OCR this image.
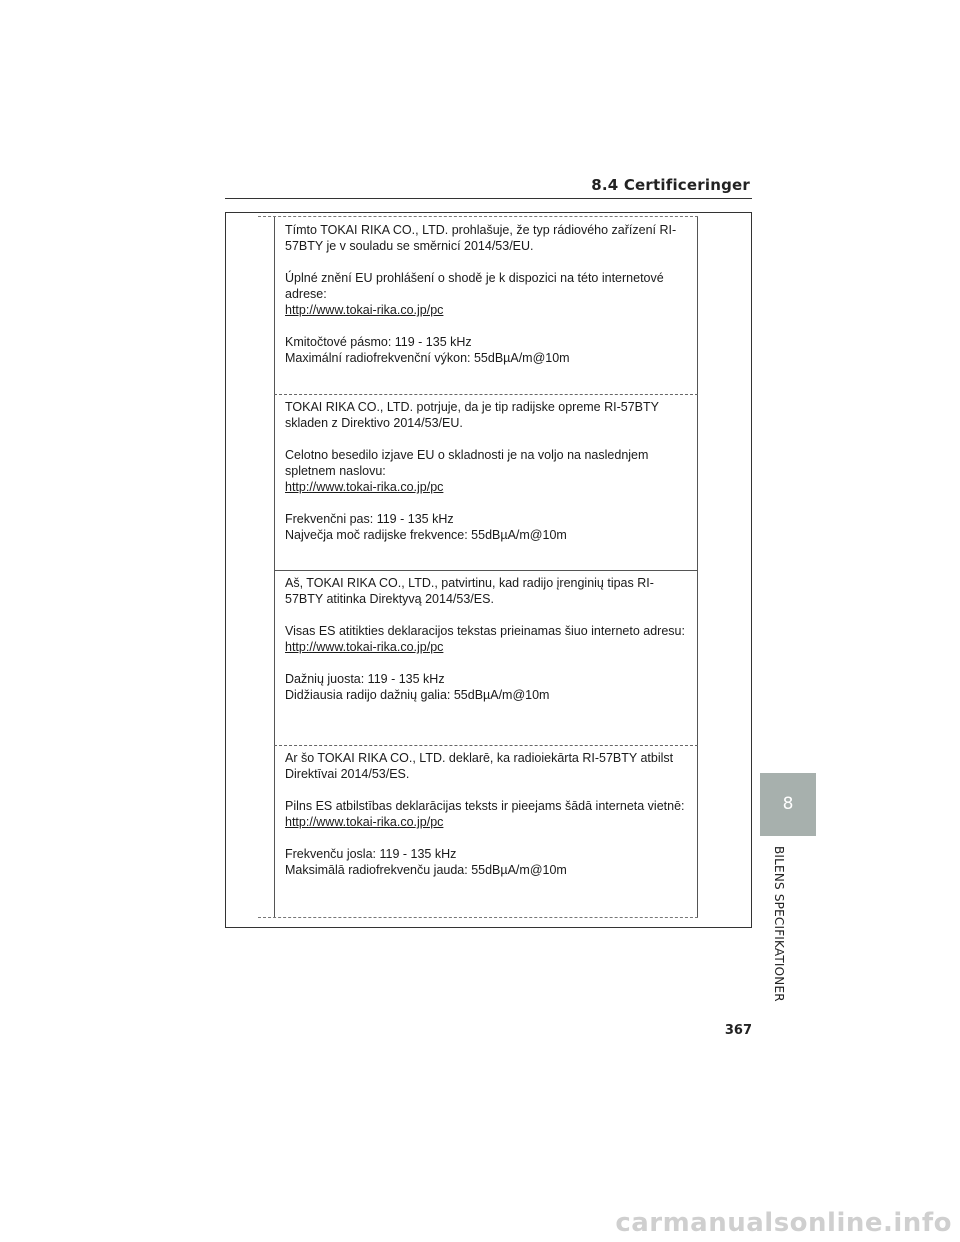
8.4 Certificeringer

Tímto TOKAI RIKA CO., LTD. prohlašuje, že typ rádiového zařízení RI-57BTY je v souladu se směrnicí 2014/53/EU.

Úplné znění EU prohlášení o shodě je k dispozici na této internetové adrese:
http://www.tokai-rika.co.jp/pc

Kmitočtové pásmo: 119 - 135 kHz
Maximální radiofrekvenční výkon: 55dBµA/m@10m

TOKAI RIKA CO., LTD. potrjuje, da je tip radijske opreme RI-57BTY skladen z Direktivo 2014/53/EU.

Celotno besedilo izjave EU o skladnosti je na voljo na naslednjem spletnem naslovu:
http://www.tokai-rika.co.jp/pc

Frekvenčni pas: 119 - 135 kHz
Največja moč radijske frekvence: 55dBµA/m@10m

Aš, TOKAI RIKA CO., LTD., patvirtinu, kad radijo įrenginių tipas RI-57BTY atitinka Direktyvą 2014/53/ES.

Visas ES atitikties deklaracijos tekstas prieinamas šiuo interneto adresu:
http://www.tokai-rika.co.jp/pc

Dažnių juosta: 119 - 135 kHz
Didžiausia radijo dažnių galia: 55dBµA/m@10m

Ar šo TOKAI RIKA CO., LTD. deklarē, ka radioiekārta RI-57BTY atbilst Direktīvai 2014/53/ES.

Pilns ES atbilstības deklarācijas teksts ir pieejams šādā interneta vietnē:
http://www.tokai-rika.co.jp/pc

Frekvenču josla: 119 - 135 kHz
Maksimālā radiofrekvenču jauda: 55dBµA/m@10m

8
BILENS SPECIFIKATIONER
367
carmanualsonline.info
